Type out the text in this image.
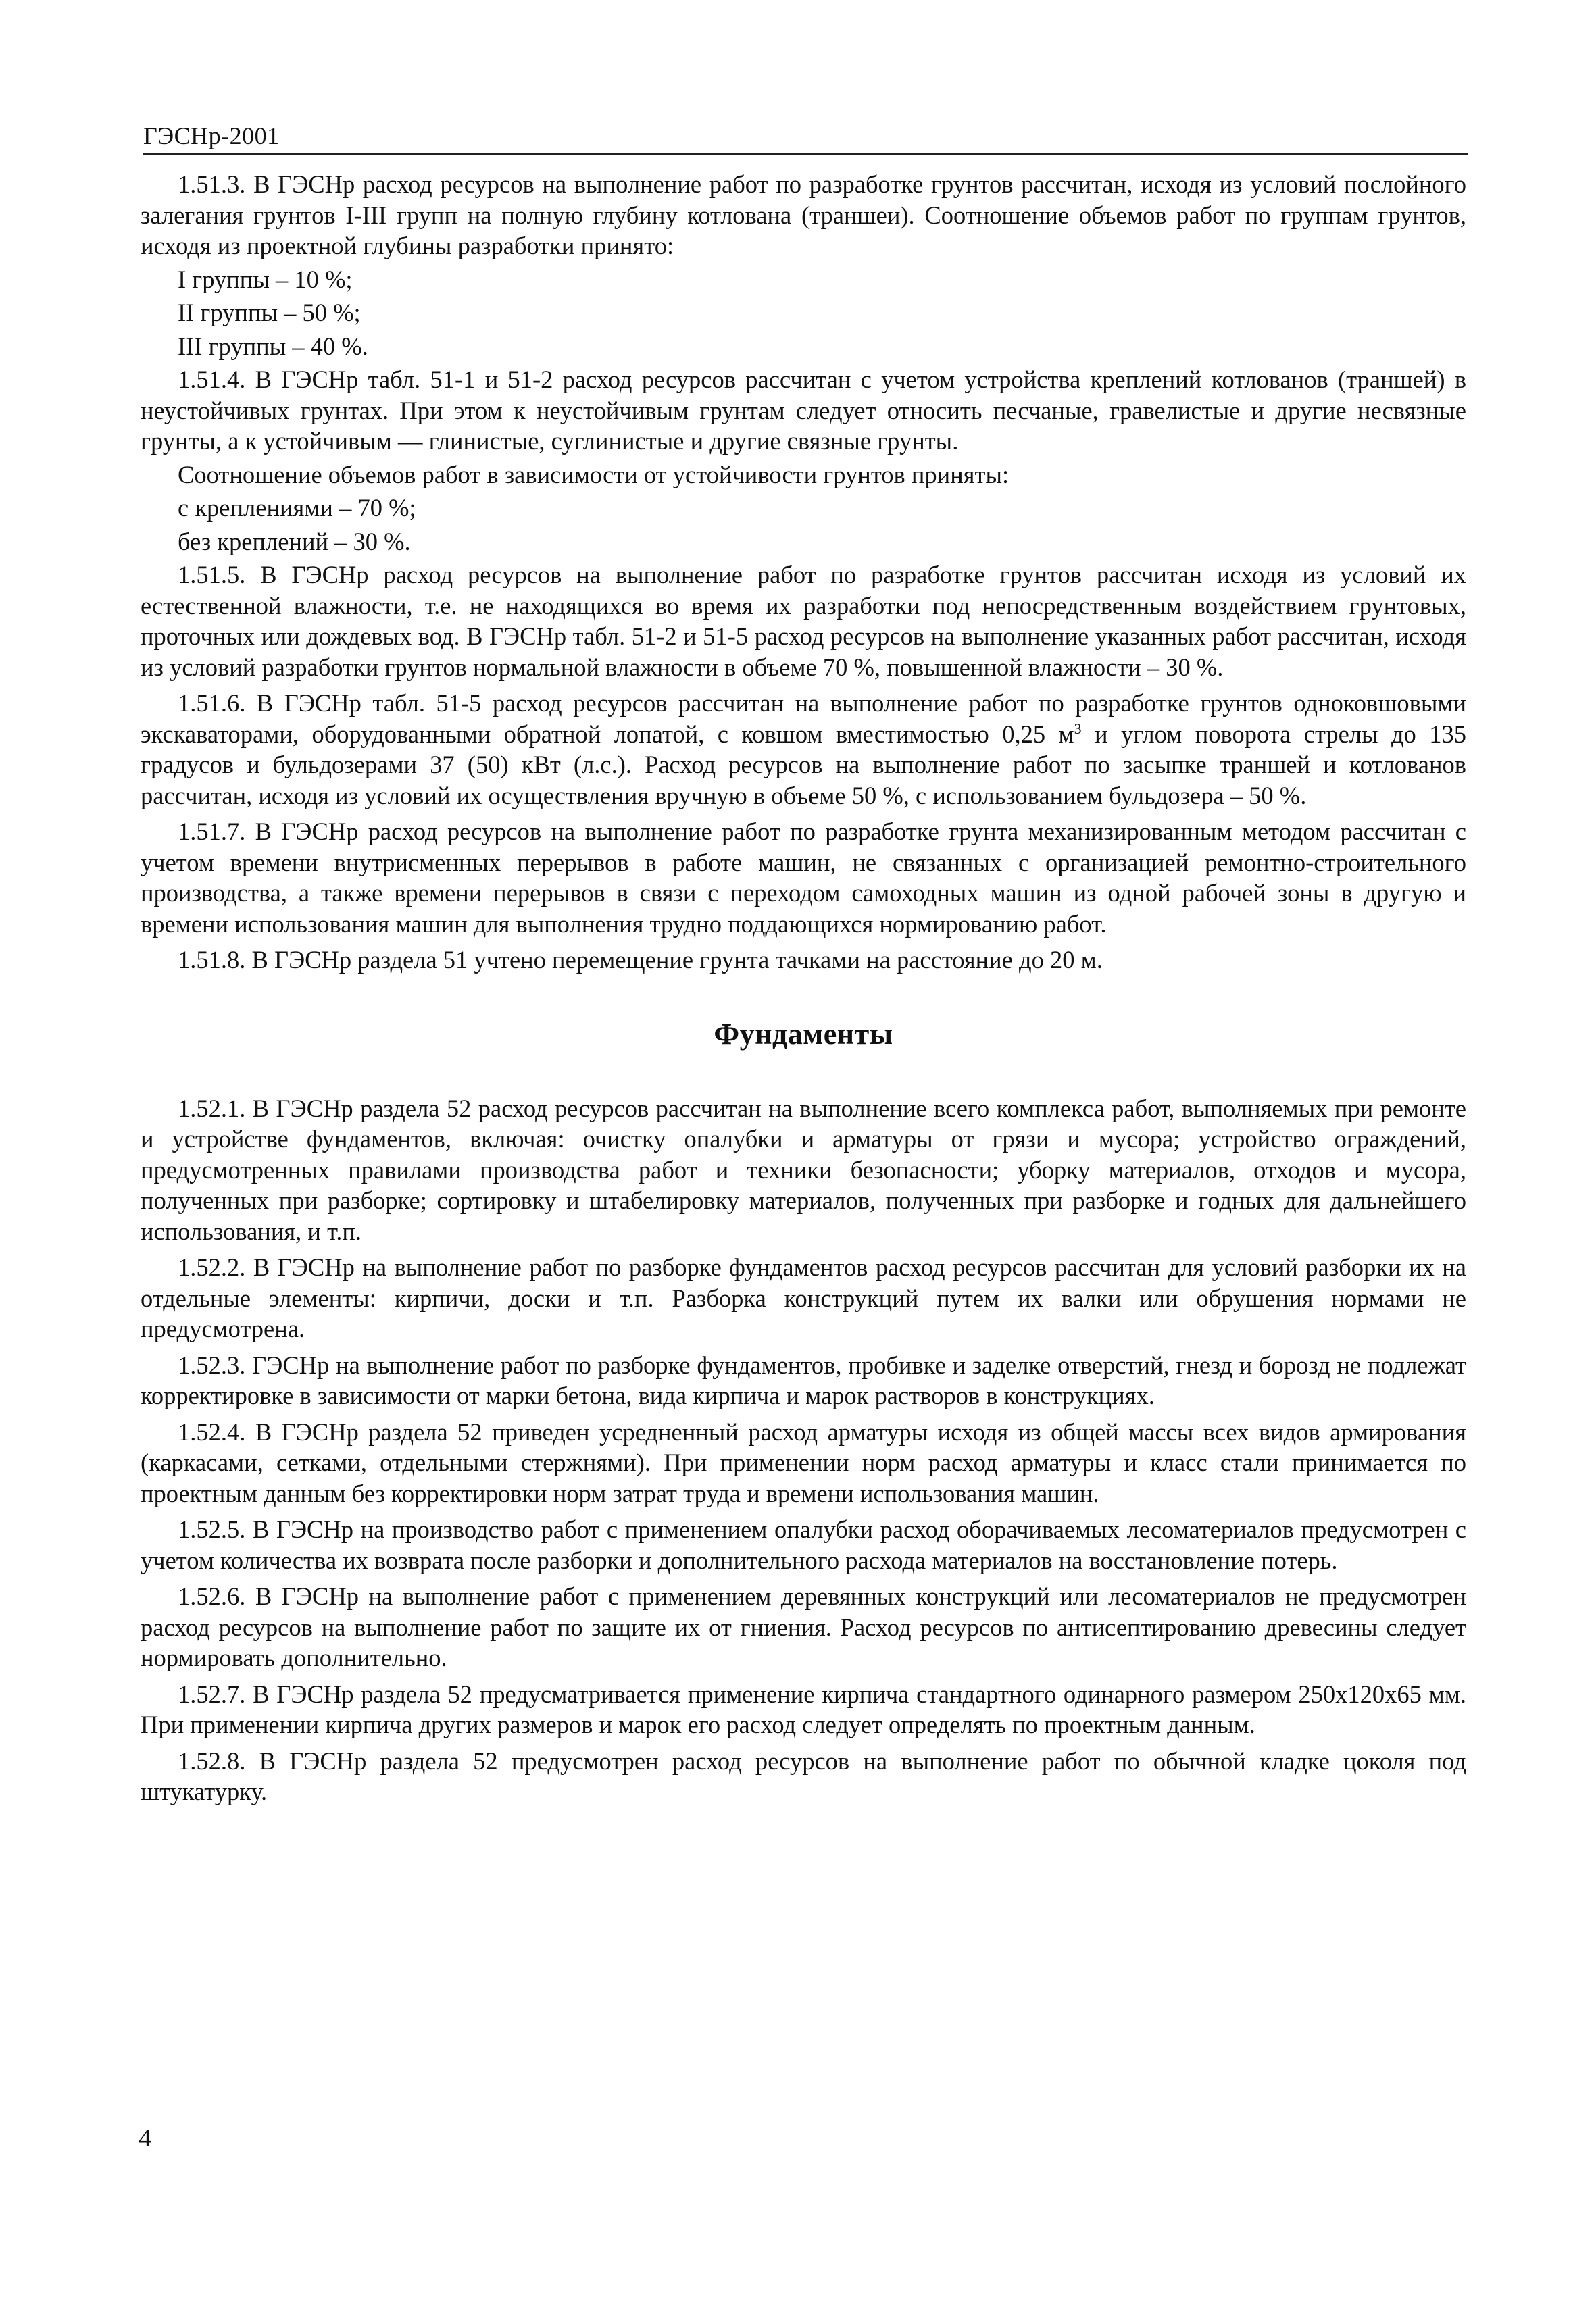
ГЭСНр-2001

1.51.3. В ГЭСНр расход ресурсов на выполнение работ по разработке грунтов рассчитан, исходя из условий послойного залегания грунтов I-III групп на полную глубину котлована (траншеи). Соотношение объемов работ по группам грунтов, исходя из проектной глубины разработки принято:

I группы – 10 %;
II группы – 50 %;
III группы – 40 %.

1.51.4. В ГЭСНр табл. 51-1 и 51-2 расход ресурсов рассчитан с учетом устройства креплений котлованов (траншей) в неустойчивых грунтах. При этом к неустойчивым грунтам следует относить песчаные, гравелистые и другие несвязные грунты, а к устойчивым — глинистые, суглинистые и другие связные грунты.

Соотношение объемов работ в зависимости от устойчивости грунтов приняты:

с креплениями – 70 %;
без креплений – 30 %.

1.51.5. В ГЭСНр расход ресурсов на выполнение работ по разработке грунтов рассчитан исходя из условий их естественной влажности, т.е. не находящихся во время их разработки под непосредственным воздействием грунтовых, проточных или дождевых вод. В ГЭСНр табл. 51-2 и 51-5 расход ресурсов на выполнение указанных работ рассчитан, исходя из условий разработки грунтов нормальной влажности в объеме 70 %, повышенной влажности – 30 %.

1.51.6. В ГЭСНр табл. 51-5 расход ресурсов рассчитан на выполнение работ по разработке грунтов одноковшовыми экскаваторами, оборудованными обратной лопатой, с ковшом вместимостью 0,25 $м^3$ и углом поворота стрелы до 135 градусов и бульдозерами 37 (50) кВт (л.с.). Расход ресурсов на выполнение работ по засыпке траншей и котлованов рассчитан, исходя из условий их осуществления вручную в объеме 50 %, с использованием бульдозера – 50 %.

1.51.7. В ГЭСНр расход ресурсов на выполнение работ по разработке грунта механизированным методом рассчитан с учетом времени внутрисменных перерывов в работе машин, не связанных с организацией ремонтно-строительного производства, а также времени перерывов в связи с переходом самоходных машин из одной рабочей зоны в другую и времени использования машин для выполнения трудно поддающихся нормированию работ.

1.51.8. В ГЭСНр раздела 51 учтено перемещение грунта тачками на расстояние до 20 м.

Фундаменты

1.52.1. В ГЭСНр раздела 52 расход ресурсов рассчитан на выполнение всего комплекса работ, выполняемых при ремонте и устройстве фундаментов, включая: очистку опалубки и арматуры от грязи и мусора; устройство ограждений, предусмотренных правилами производства работ и техники безопасности; уборку материалов, отходов и мусора, полученных при разборке; сортировку и штабелировку материалов, полученных при разборке и годных для дальнейшего использования, и т.п.

1.52.2. В ГЭСНр на выполнение работ по разборке фундаментов расход ресурсов рассчитан для условий разборки их на отдельные элементы: кирпичи, доски и т.п. Разборка конструкций путем их валки или обрушения нормами не предусмотрена.

1.52.3. ГЭСНр на выполнение работ по разборке фундаментов, пробивке и заделке отверстий, гнезд и борозд не подлежат корректировке в зависимости от марки бетона, вида кирпича и марок растворов в конструкциях.

1.52.4. В ГЭСНр раздела 52 приведен усредненный расход арматуры исходя из общей массы всех видов армирования (каркасами, сетками, отдельными стержнями). При применении норм расход арматуры и класс стали принимается по проектным данным без корректировки норм затрат труда и времени использования машин.

1.52.5. В ГЭСНр на производство работ с применением опалубки расход оборачиваемых лесоматериалов предусмотрен с учетом количества их возврата после разборки и дополнительного расхода материалов на восстановление потерь.

1.52.6. В ГЭСНр на выполнение работ с применением деревянных конструкций или лесоматериалов не предусмотрен расход ресурсов на выполнение работ по защите их от гниения. Расход ресурсов по антисептированию древесины следует нормировать дополнительно.

1.52.7. В ГЭСНр раздела 52 предусматривается применение кирпича стандартного одинарного размером 250x120x65 мм. При применении кирпича других размеров и марок его расход следует определять по проектным данным.

1.52.8. В ГЭСНр раздела 52 предусмотрен расход ресурсов на выполнение работ по обычной кладке цоколя под штукатурку.

4
